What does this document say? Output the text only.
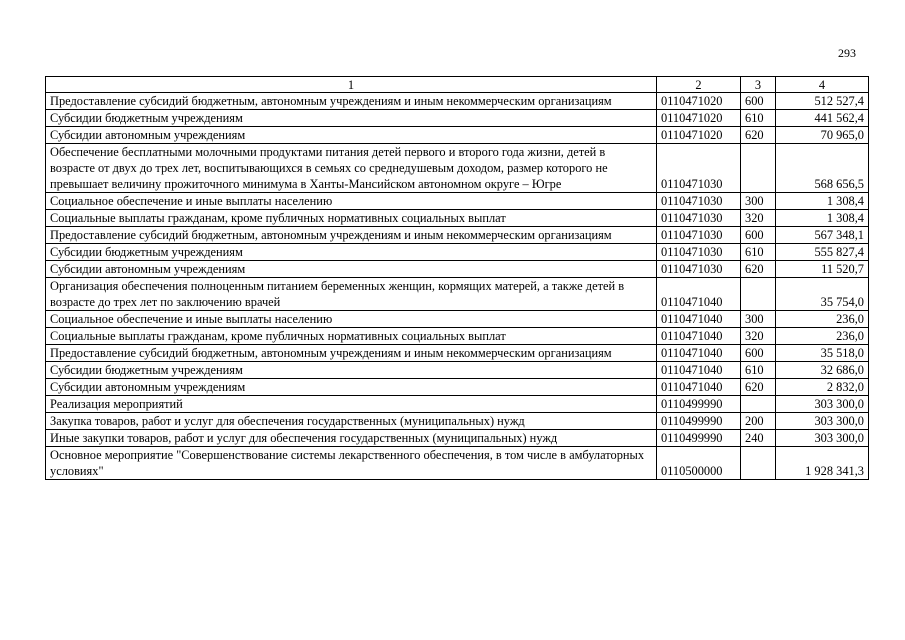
293
1	2	3	4
Предоставление субсидий бюджетным, автономным учреждениям и иным некоммерческим организациям	0110471020	600	512 527,4
Субсидии бюджетным учреждениям	0110471020	610	441 562,4
Субсидии автономным учреждениям	0110471020	620	70 965,0
Обеспечение бесплатными молочными продуктами питания детей первого и второго года жизни, детей в возрасте от двух до трех лет, воспитывающихся в семьях со среднедушевым доходом, размер которого не превышает величину прожиточного минимума в Ханты-Мансийском автономном округе – Югре	0110471030		568 656,5
Социальное обеспечение и иные выплаты населению	0110471030	300	1 308,4
Социальные выплаты гражданам, кроме публичных нормативных социальных выплат	0110471030	320	1 308,4
Предоставление субсидий бюджетным, автономным учреждениям и иным некоммерческим организациям	0110471030	600	567 348,1
Субсидии бюджетным учреждениям	0110471030	610	555 827,4
Субсидии автономным учреждениям	0110471030	620	11 520,7
Организация обеспечения полноценным питанием беременных женщин, кормящих матерей, а также детей в возрасте до трех лет по заключению врачей	0110471040		35 754,0
Социальное обеспечение и иные выплаты населению	0110471040	300	236,0
Социальные выплаты гражданам, кроме публичных нормативных социальных выплат	0110471040	320	236,0
Предоставление субсидий бюджетным, автономным учреждениям и иным некоммерческим организациям	0110471040	600	35 518,0
Субсидии бюджетным учреждениям	0110471040	610	32 686,0
Субсидии автономным учреждениям	0110471040	620	2 832,0
Реализация мероприятий	0110499990		303 300,0
Закупка товаров, работ и услуг для обеспечения государственных (муниципальных) нужд	0110499990	200	303 300,0
Иные закупки товаров, работ и услуг для обеспечения государственных (муниципальных) нужд	0110499990	240	303 300,0
Основное мероприятие "Совершенствование системы лекарственного обеспечения, в том числе в амбулаторных условиях"	0110500000		1 928 341,3
